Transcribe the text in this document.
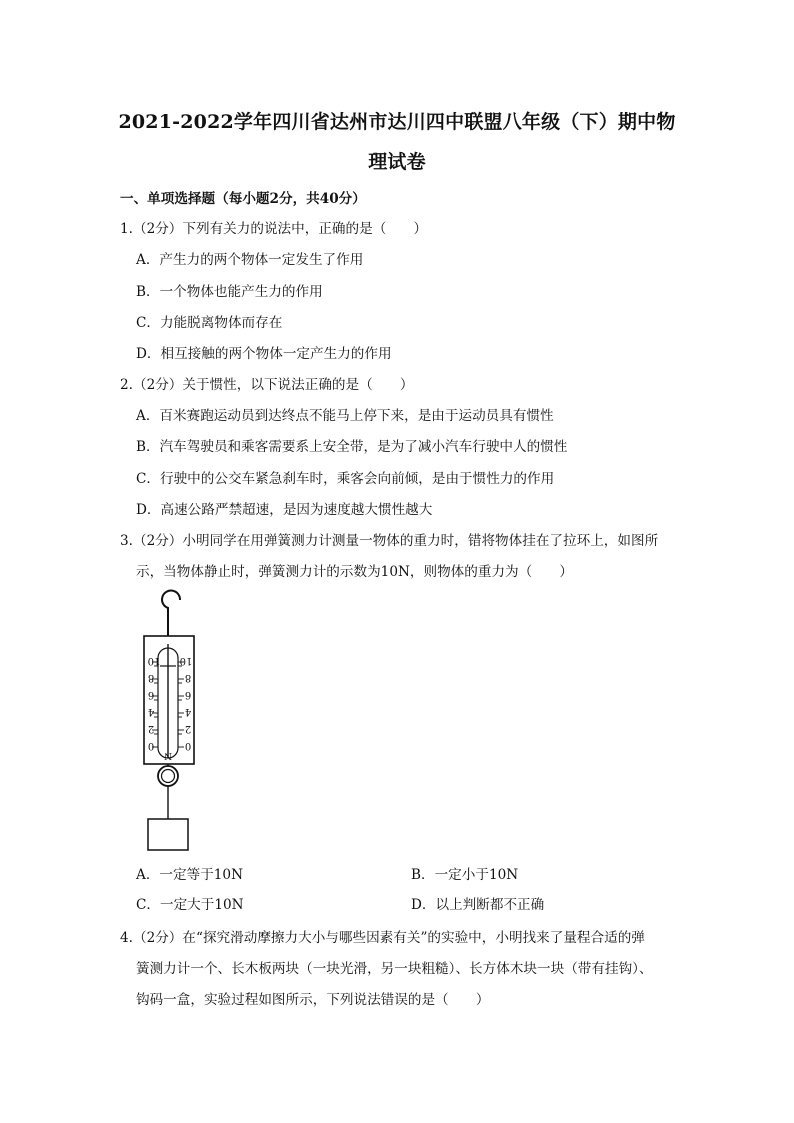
2021-2022学年四川省达州市达川四中联盟八年级（下）期中物
理试卷
一、单项选择题（每小题2分，共40分）
1.（2分）下列有关力的说法中，正确的是（　　）
A．产生力的两个物体一定发生了作用
B．一个物体也能产生力的作用
C．力能脱离物体而存在
D．相互接触的两个物体一定产生力的作用
2.（2分）关于惯性，以下说法正确的是（　　）
A．百米赛跑运动员到达终点不能马上停下来，是由于运动员具有惯性
B．汽车驾驶员和乘客需要系上安全带，是为了减小汽车行驶中人的惯性
C．行驶中的公交车紧急刹车时，乘客会向前倾，是由于惯性力的作用
D．高速公路严禁超速，是因为速度越大惯性越大
3.（2分）小明同学在用弹簧测力计测量一物体的重力时，错将物体挂在了拉环上，如图所
示，当物体静止时，弹簧测力计的示数为10N，则物体的重力为（　　）
10
8
6
4
2
0
10
8
6
4
2
0
N
A．一定等于10N	B．一定小于10N
C．一定大于10N	D．以上判断都不正确
4.（2分）在“探究滑动摩擦力大小与哪些因素有关”的实验中，小明找来了量程合适的弹
簧测力计一个、长木板两块（一块光滑，另一块粗糙）、长方体木块一块（带有挂钩）、
钩码一盒，实验过程如图所示，下列说法错误的是（　　）
